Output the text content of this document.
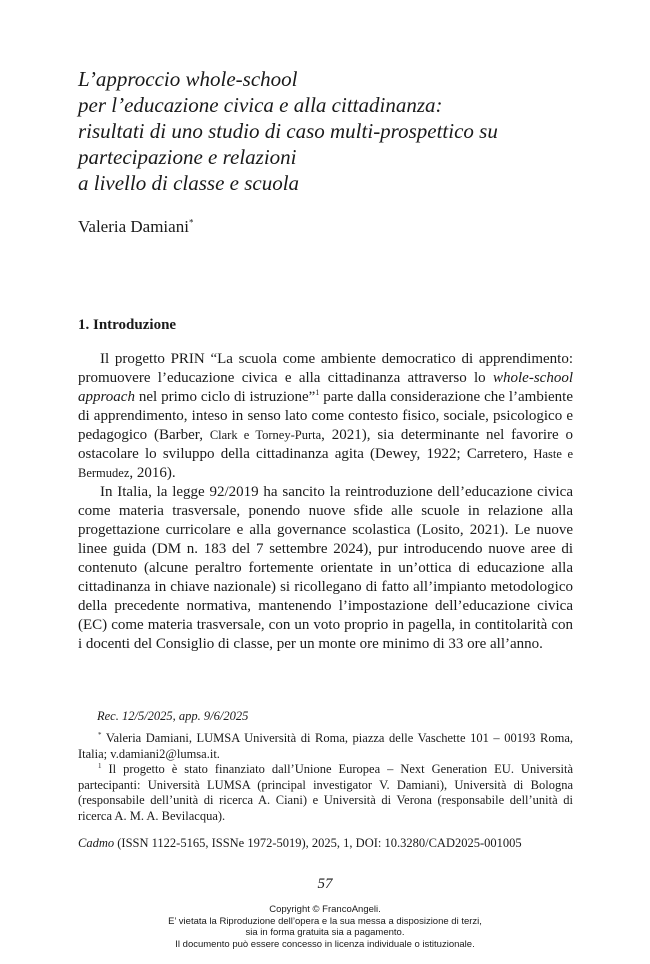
L’approccio whole-school
per l’educazione civica e alla cittadinanza:
risultati di uno studio di caso multi-prospettico su
partecipazione e relazioni
a livello di classe e scuola
Valeria Damiani*
1. Introduzione

Il progetto PRIN “La scuola come ambiente democratico di apprendimento: promuovere l’educazione civica e alla cittadinanza attraverso lo whole-school approach nel primo ciclo di istruzione”$^1$ parte dalla considerazione che l’ambiente di apprendimento, inteso in senso lato come contesto fisico, sociale, psicologico e pedagogico (Barber, Clark e Torney-Purta, 2021), sia determinante nel favorire o ostacolare lo sviluppo della cittadinanza agita (Dewey, 1922; Carretero, Haste e Bermudez, 2016).

In Italia, la legge 92/2019 ha sancito la reintroduzione dell’educazione civica come materia trasversale, ponendo nuove sfide alle scuole in relazione alla progettazione curricolare e alla governance scolastica (Losito, 2021). Le nuove linee guida (DM n. 183 del 7 settembre 2024), pur introducendo nuove aree di contenuto (alcune peraltro fortemente orientate in un’ottica di educazione alla cittadinanza in chiave nazionale) si ricollegano di fatto all’impianto metodologico della precedente normativa, mantenendo l’impostazione dell’educazione civica (EC) come materia trasversale, con un voto proprio in pagella, in contitolarità con i docenti del Consiglio di classe, per un monte ore minimo di 33 ore all’anno.

Rec. 12/5/2025, app. 9/6/2025

* Valeria Damiani, LUMSA Università di Roma, piazza delle Vaschette 101 – 00193 Roma, Italia; v.damiani2@lumsa.it.

$^1$ Il progetto è stato finanziato dall’Unione Europea – Next Generation EU. Università partecipanti: Università LUMSA (principal investigator V. Damiani), Università di Bologna (responsabile dell’unità di ricerca A. Ciani) e Università di Verona (responsabile dell’unità di ricerca A. M. A. Bevilacqua).

Cadmo (ISSN 1122-5165, ISSNe 1972-5019), 2025, 1, DOI: 10.3280/CAD2025-001005
57
Copyright © FrancoAngeli.
E’ vietata la Riproduzione dell’opera e la sua messa a disposizione di terzi,
sia in forma gratuita sia a pagamento.
Il documento può essere concesso in licenza individuale o istituzionale.
